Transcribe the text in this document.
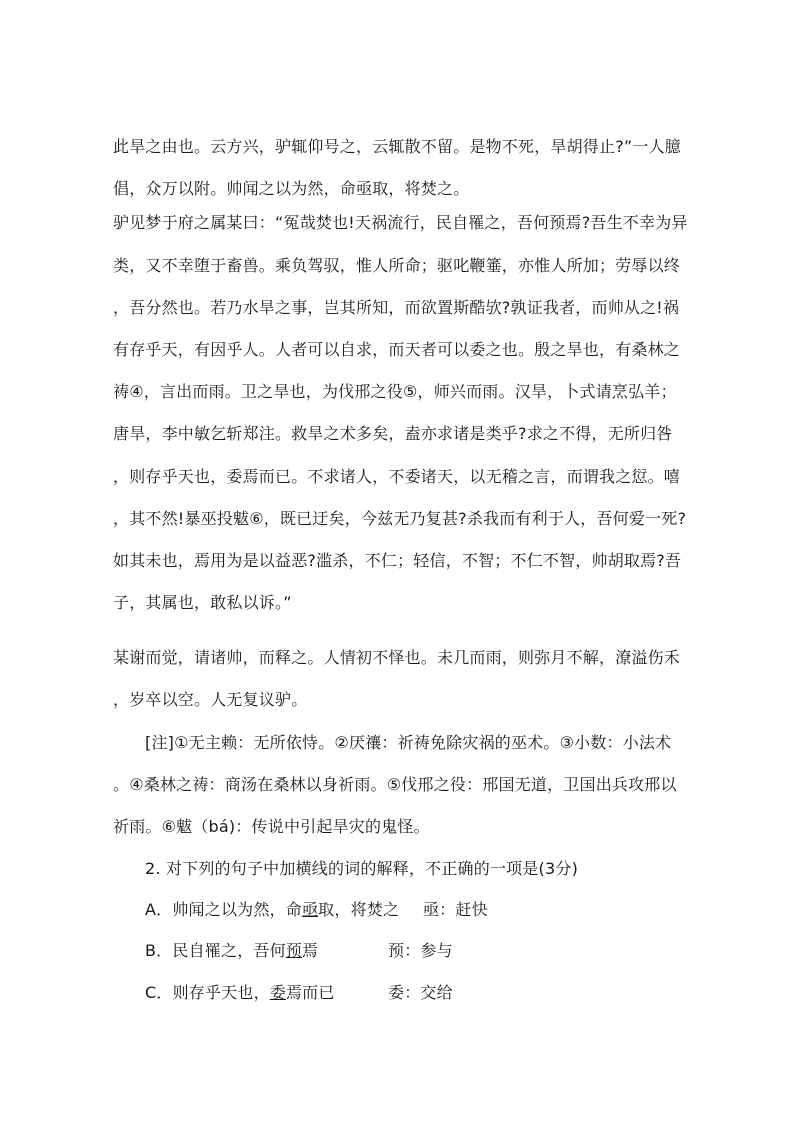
此旱之由也。云方兴，驴辄仰号之，云辄散不留。是物不死，旱胡得止?”一人臆
倡，众万以附。帅闻之以为然，命亟取，将焚之。
驴见梦于府之属某曰：“冤哉焚也!天祸流行，民自罹之，吾何预焉?吾生不幸为异
类，又不幸堕于畜兽。乘负驾驭，惟人所命；驱叱鞭箠，亦惟人所加；劳辱以终
，吾分然也。若乃水旱之事，岂其所知，而欲置斯酷欤?孰证我者，而帅从之!祸
有存乎天，有因乎人。人者可以自求，而天者可以委之也。殷之旱也，有桑林之
祷④，言出而雨。卫之旱也，为伐邢之役⑤，师兴而雨。汉旱，卜式请烹弘羊；
唐旱，李中敏乞斩郑注。救旱之术多矣，盍亦求诸是类乎?求之不得，无所归咎
，则存乎天也，委焉而已。不求诸人，不委诸天，以无稽之言，而谓我之愆。嘻
，其不然!暴巫投魃⑥，既已迂矣，今兹无乃复甚?杀我而有利于人，吾何爱一死?
如其未也，焉用为是以益恶?滥杀，不仁；轻信，不智；不仁不智，帅胡取焉?吾
子，其属也，敢私以诉。”
某谢而觉，请诸帅，而释之。人情初不怿也。未几而雨，则弥月不解，潦溢伤禾
，岁卒以空。人无复议驴。
[注]①无主赖：无所依恃。②厌禳：祈祷免除灾祸的巫术。③小数：小法术
。④桑林之祷：商汤在桑林以身祈雨。⑤伐邢之役：邢国无道，卫国出兵攻邢以
祈雨。⑥魃（bá)：传说中引起旱灾的鬼怪。
2. 对下列的句子中加横线的词的解释，不正确的一项是(3分)
A．帅闻之以为然，命亟取，将焚之 亟：赶快
B．民自罹之，吾何预焉	预：参与
C．则存乎天也，委焉而已	委：交给
